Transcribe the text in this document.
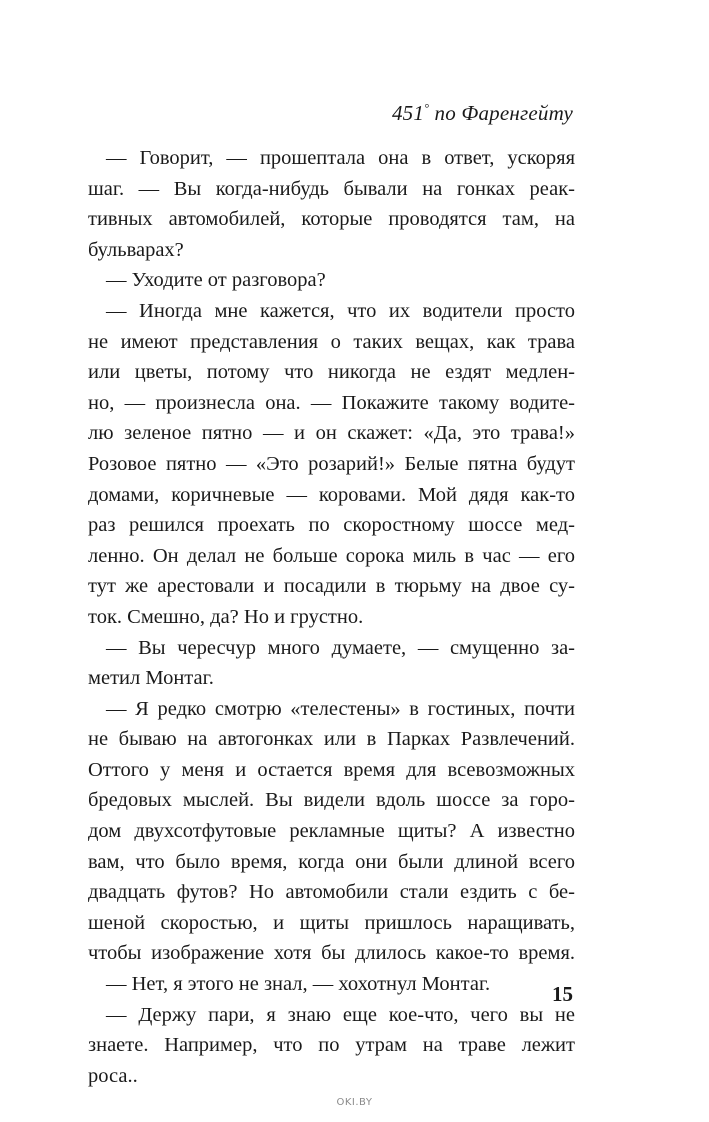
451° по Фаренгейту
— Говорит, — прошептала она в ответ, ускоряя
шаг. — Вы когда-нибудь бывали на гонках реак-
тивных автомобилей, которые проводятся там, на
бульварах?
— Уходите от разговора?
— Иногда мне кажется, что их водители просто
не имеют представления о таких вещах, как трава
или цветы, потому что никогда не ездят медлен-
но, — произнесла она. — Покажите такому водите-
лю зеленое пятно — и он скажет: «Да, это трава!»
Розовое пятно — «Это розарий!» Белые пятна будут
домами, коричневые — коровами. Мой дядя как-то
раз решился проехать по скоростному шоссе мед-
ленно. Он делал не больше сорока миль в час — его
тут же арестовали и посадили в тюрьму на двое су-
ток. Смешно, да? Но и грустно.
— Вы чересчур много думаете, — смущенно за-
метил Монтаг.
— Я редко смотрю «телестены» в гостиных, почти
не бываю на автогонках или в Парках Развлечений.
Оттого у меня и остается время для всевозможных
бредовых мыслей. Вы видели вдоль шоссе за горо-
дом двухсотфутовые рекламные щиты? А известно
вам, что было время, когда они были длиной всего
двадцать футов? Но автомобили стали ездить с бе-
шеной скоростью, и щиты пришлось наращивать,
чтобы изображение хотя бы длилось какое-то время.
— Нет, я этого не знал, — хохотнул Монтаг.
— Держу пари, я знаю еще кое-что, чего вы не
знаете. Например, что по утрам на траве лежит
роса..
15
OKI.BY
